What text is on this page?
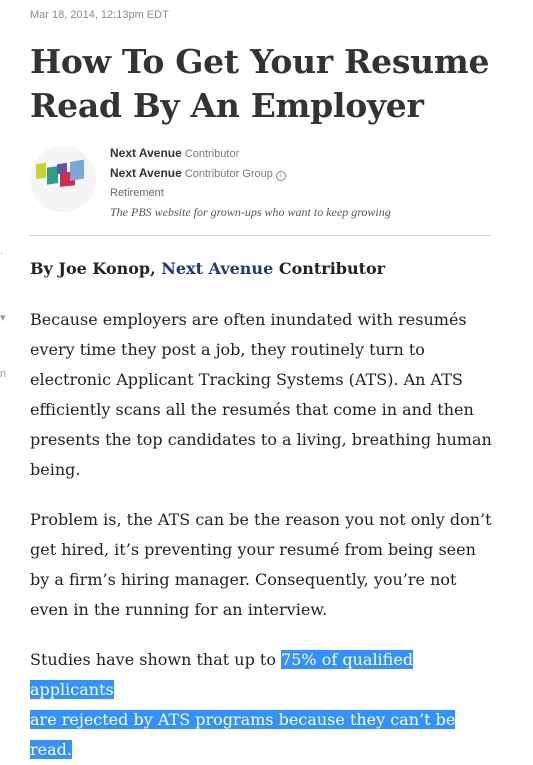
Mar 18, 2014, 12:13pm EDT
How To Get Your Resume Read By An Employer
Next Avenue Contributor
Next Avenue Contributor Group i
Retirement
The PBS website for grown-ups who want to keep growing
.
▾
n
By Joe Konop, Next Avenue Contributor

Because employers are often inundated with resumés every time they post a job, they routinely turn to electronic Applicant Tracking Systems (ATS). An ATS efficiently scans all the resumés that come in and then presents the top candidates to a living, breathing human being.

Problem is, the ATS can be the reason you not only don’t get hired, it’s preventing your resumé from being seen by a firm’s hiring manager. Consequently, you’re not even in the running for an interview.

Studies have shown that up to 75% of qualified applicants
are rejected by ATS programs because they can’t be read.
